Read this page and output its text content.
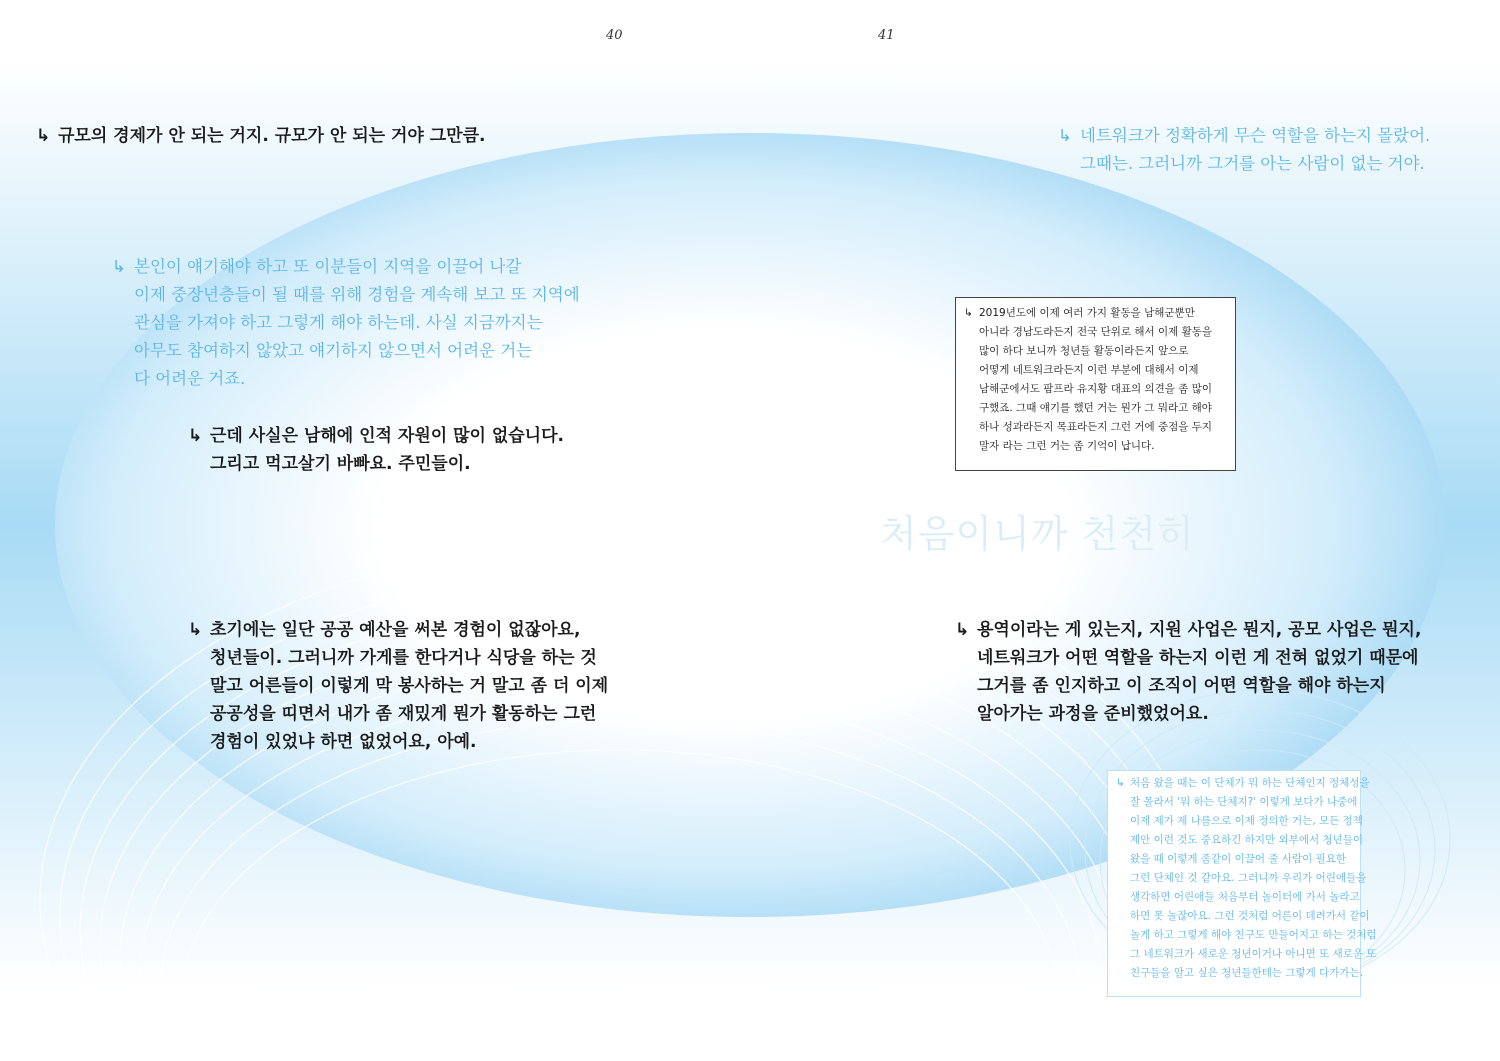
40	41
↳ 규모의 경제가 안 되는 거지. 규모가 안 되는 거야 그만큼.	↳ 네트워크가 정확하게 무슨 역할을 하는지 몰랐어.
그때는. 그러니까 그거를 아는 사람이 없는 거야.
↳ 본인이 얘기해야 하고 또 이분들이 지역을 이끌어 나갈
이제 중장년층들이 될 때를 위해 경험을 계속해 보고 또 지역에
관심을 가져야 하고 그렇게 해야 하는데. 사실 지금까지는
아무도 참여하지 않았고 얘기하지 않으면서 어려운 거는
다 어려운 거죠.
↳ 근데 사실은 남해에 인적 자원이 많이 없습니다.
그리고 먹고살기 바빠요. 주민들이.
↳ 초기에는 일단 공공 예산을 써본 경험이 없잖아요,
청년들이. 그러니까 가게를 한다거나 식당을 하는 것
말고 어른들이 이렇게 막 봉사하는 거 말고 좀 더 이제
공공성을 띠면서 내가 좀 재밌게 뭔가 활동하는 그런
경험이 있었냐 하면 없었어요, 아예.
↳ 2019년도에 이제 여러 가지 활동을 남해군뿐만
아니라 경남도라든지 전국 단위로 해서 이제 활동을
많이 하다 보니까 청년들 활동이라든지 앞으로
어떻게 네트워크라든지 이런 부분에 대해서 이제
남해군에서도 팜프라 유지황 대표의 의견을 좀 많이
구했죠. 그때 얘기를 했던 거는 뭔가 그 뭐라고 해야
하나 성과라든지 목표라든지 그런 거에 중점을 두지
말자 라는 그런 거는 좀 기억이 납니다.
처음이니까 천천히
↳ 용역이라는 게 있는지, 지원 사업은 뭔지, 공모 사업은 뭔지,
네트워크가 어떤 역할을 하는지 이런 게 전혀 없었기 때문에
그거를 좀 인지하고 이 조직이 어떤 역할을 해야 하는지
알아가는 과정을 준비했었어요.
↳ 처음 왔을 때는 이 단체가 뭐 하는 단체인지 정체성을
잘 몰라서 '뭐 하는 단체지?' 이렇게 보다가 나중에
이제 제가 제 나름으로 이제 정의한 거는, 모든 정책
제안 이런 것도 중요하긴 하지만 외부에서 청년들이
왔을 때 이렇게 좀같이 이끌어 줄 사람이 필요한
그런 단체인 것 같아요. 그러니까 우리가 어린애들을
생각하면 어린애들 처음부터 놀이터에 가서 놀라고
하면 못 놀잖아요. 그런 것처럼 어른이 데려가서 같이
놀게 하고 그렇게 해야 친구도 만들어지고 하는 것처럼
그 네트워크가 새로운 청년이거나 아니면 또 새로운 또
친구들을 알고 싶은 청년들한테는 그렇게 다가가는.
